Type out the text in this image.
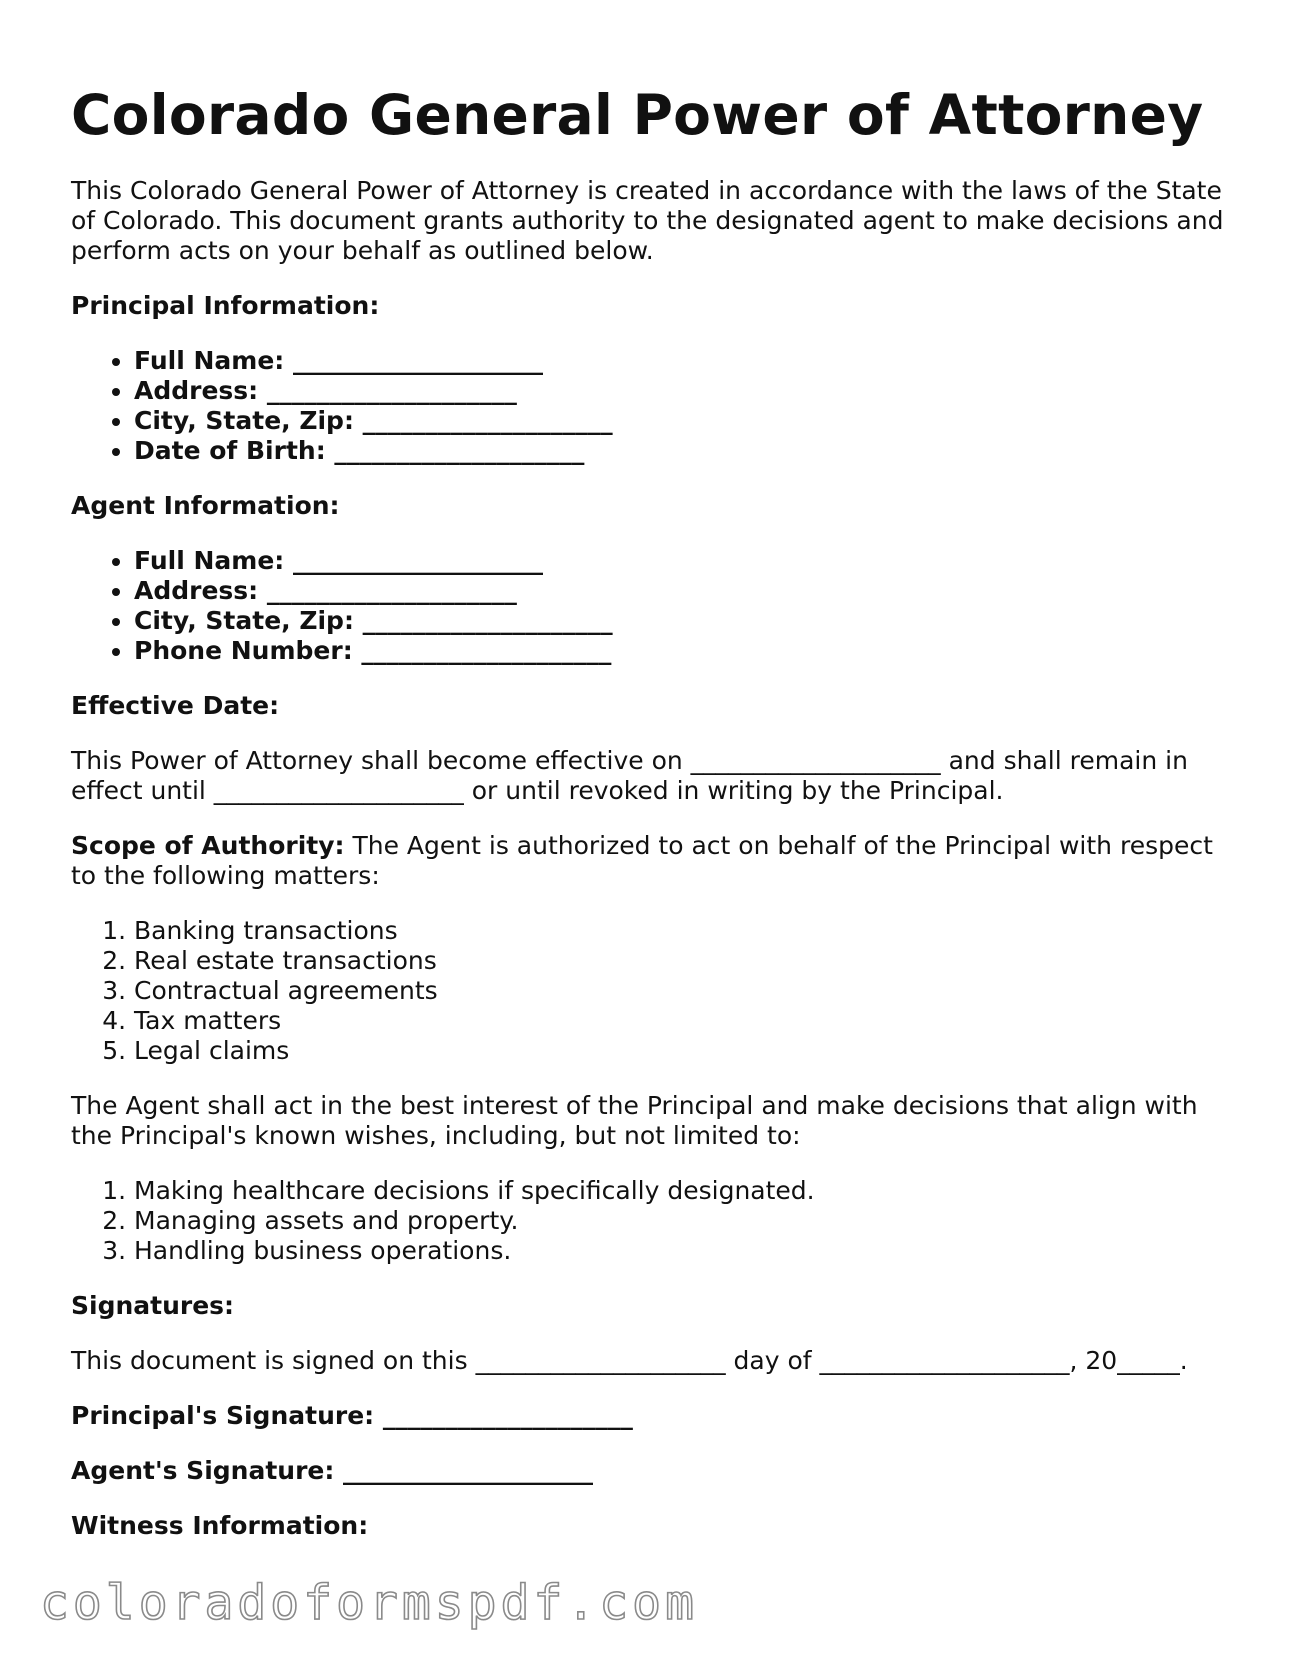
Colorado General Power of Attorney

This Colorado General Power of Attorney is created in accordance with the laws of the State of Colorado. This document grants authority to the designated agent to make decisions and perform acts on your behalf as outlined below.

Principal Information:

• Full Name: ____________________
• Address: ____________________
• City, State, Zip: ____________________
• Date of Birth: ____________________

Agent Information:

• Full Name: ____________________
• Address: ____________________
• City, State, Zip: ____________________
• Phone Number: ____________________

Effective Date:

This Power of Attorney shall become effective on ____________________ and shall remain in effect until ____________________ or until revoked in writing by the Principal.

Scope of Authority: The Agent is authorized to act on behalf of the Principal with respect to the following matters:

1. Banking transactions
2. Real estate transactions
3. Contractual agreements
4. Tax matters
5. Legal claims

The Agent shall act in the best interest of the Principal and make decisions that align with the Principal's known wishes, including, but not limited to:

1. Making healthcare decisions if specifically designated.
2. Managing assets and property.
3. Handling business operations.

Signatures:

This document is signed on this ____________________ day of ____________________, 20_____.

Principal's Signature: ____________________

Agent's Signature: ____________________

Witness Information:

coloradoformspdf.com
